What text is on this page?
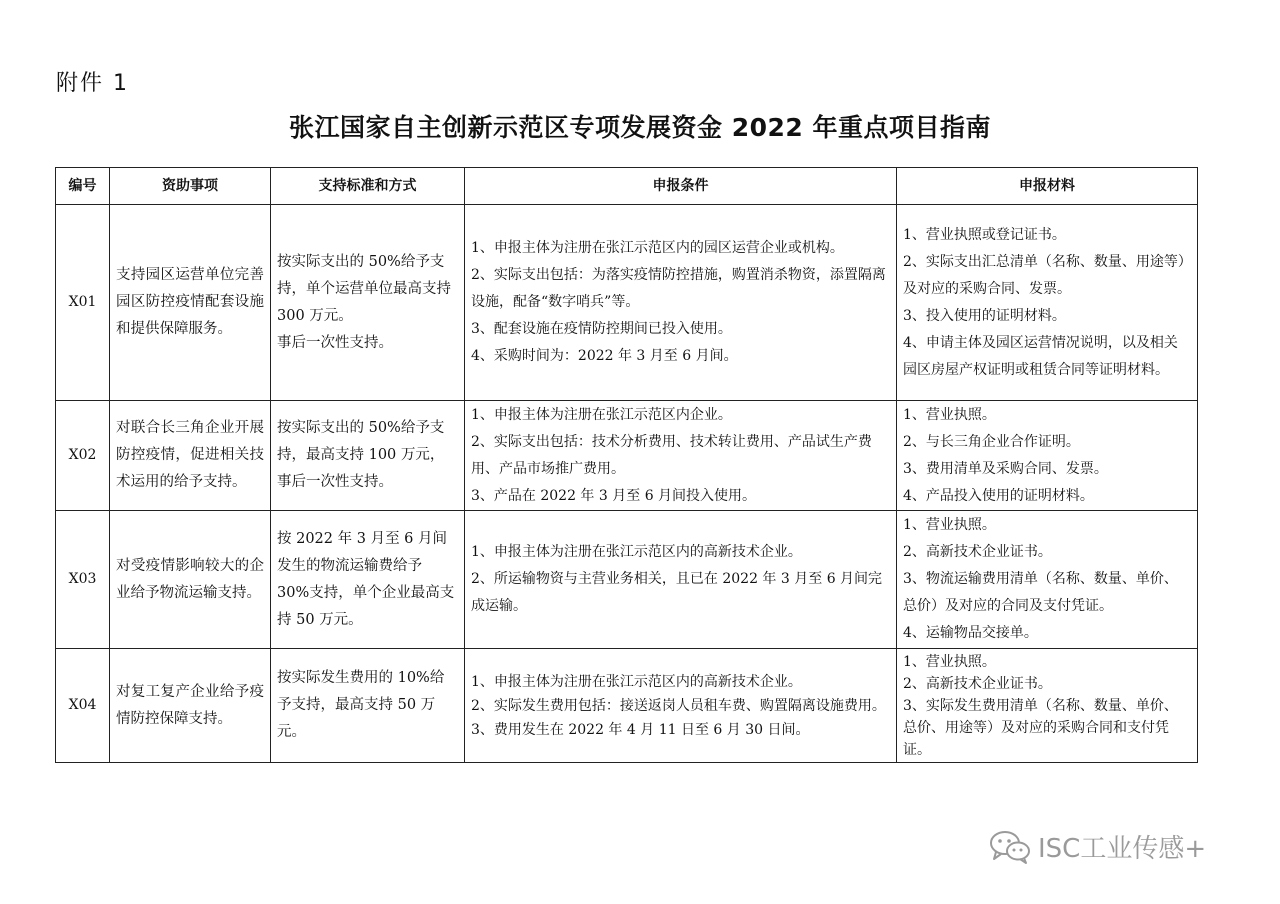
附件 1
张江国家自主创新示范区专项发展资金 2022 年重点项目指南
编号	资助事项	支持标准和方式	申报条件	申报材料
X01	支持园区运营单位完善园区防控疫情配套设施和提供保障服务。	按实际支出的 50%给予支持，单个运营单位最高支持 300 万元。
事后一次性支持。	1、申报主体为注册在张江示范区内的园区运营企业或机构。
2、实际支出包括：为落实疫情防控措施，购置消杀物资，添置隔离设施，配备“数字哨兵”等。
3、配套设施在疫情防控期间已投入使用。
4、采购时间为：2022 年 3 月至 6 月间。	1、营业执照或登记证书。
2、实际支出汇总清单（名称、数量、用途等）及对应的采购合同、发票。
3、投入使用的证明材料。
4、申请主体及园区运营情况说明，以及相关园区房屋产权证明或租赁合同等证明材料。

X02	对联合长三角企业开展防控疫情，促进相关技术运用的给予支持。	按实际支出的 50%给予支持，最高支持 100 万元，事后一次性支持。	1、申报主体为注册在张江示范区内企业。
2、实际支出包括：技术分析费用、技术转让费用、产品试生产费用、产品市场推广费用。
3、产品在 2022 年 3 月至 6 月间投入使用。	1、营业执照。
2、与长三角企业合作证明。
3、费用清单及采购合同、发票。
4、产品投入使用的证明材料。

X03	对受疫情影响较大的企业给予物流运输支持。	按 2022 年 3 月至 6 月间发生的物流运输费给予 30%支持，单个企业最高支持 50 万元。	1、申报主体为注册在张江示范区内的高新技术企业。
2、所运输物资与主营业务相关，且已在 2022 年 3 月至 6 月间完成运输。	1、营业执照。
2、高新技术企业证书。
3、物流运输费用清单（名称、数量、单价、总价）及对应的合同及支付凭证。
4、运输物品交接单。

X04	对复工复产企业给予疫情防控保障支持。	按实际发生费用的 10%给予支持，最高支持 50 万元。	1、申报主体为注册在张江示范区内的高新技术企业。
2、实际发生费用包括：接送返岗人员租车费、购置隔离设施费用。
3、费用发生在 2022 年 4 月 11 日至 6 月 30 日间。	1、营业执照。
2、高新技术企业证书。
3、实际发生费用清单（名称、数量、单价、总价、用途等）及对应的采购合同和支付凭证。
ISC工业传感+
